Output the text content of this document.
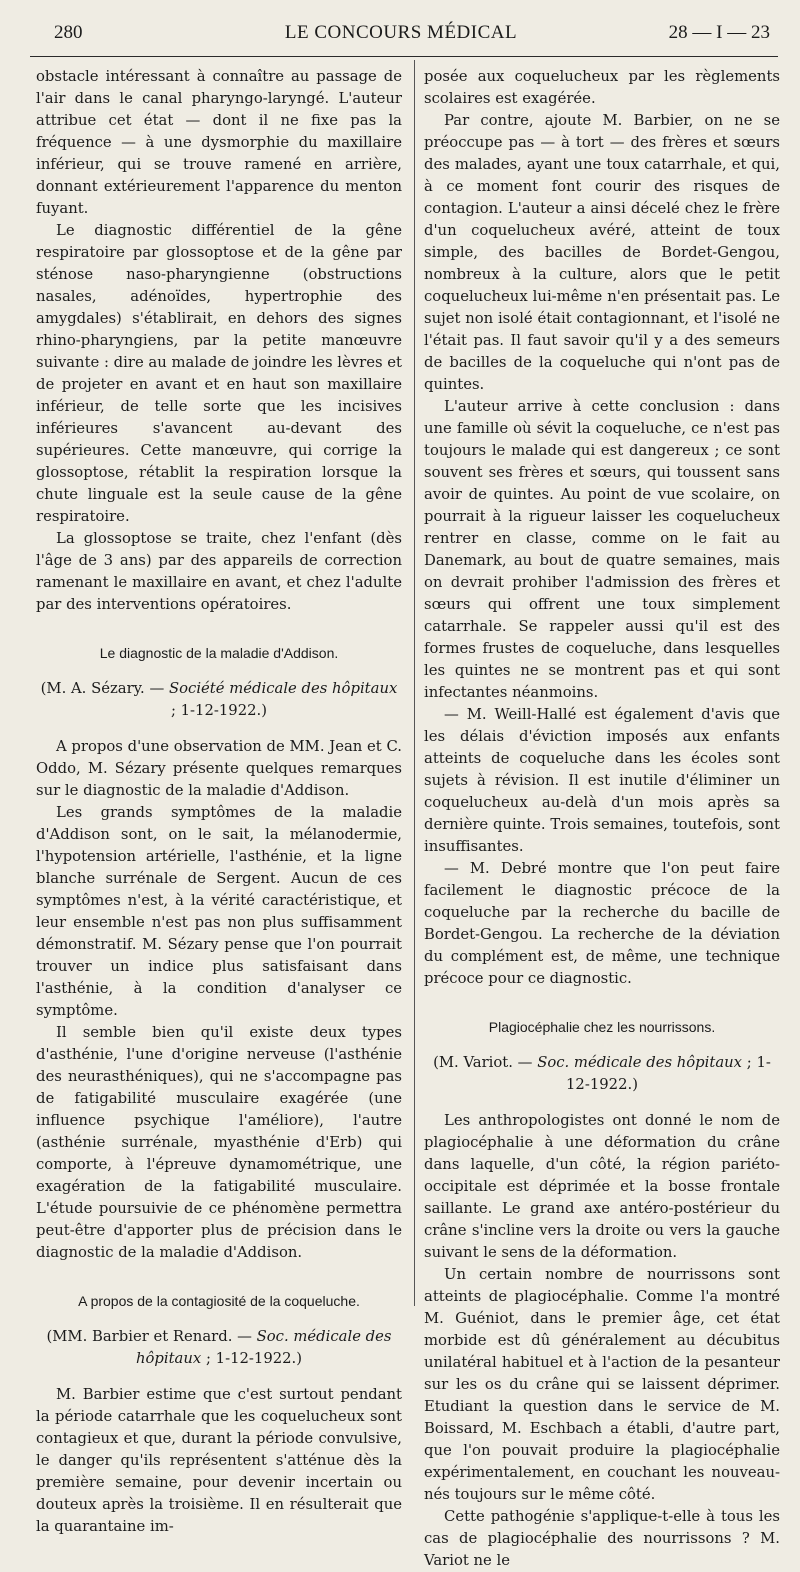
280	LE CONCOURS MÉDICAL	28 — I — 23

obstacle intéressant à connaître au passage de l'air dans le canal pharyngo-laryngé. L'auteur attribue cet état — dont il ne fixe pas la fréquence — à une dysmorphie du maxillaire inférieur, qui se trouve ramené en arrière, donnant extérieurement l'apparence du menton fuyant.

Le diagnostic différentiel de la gêne respiratoire par glossoptose et de la gêne par sténose naso-pharyngienne (obstructions nasales, adénoïdes, hypertrophie des amygdales) s'établirait, en dehors des signes rhino-pharyngiens, par la petite manœuvre suivante : dire au malade de joindre les lèvres et de projeter en avant et en haut son maxillaire inférieur, de telle sorte que les incisives inférieures s'avancent au-devant des supérieures. Cette manœuvre, qui corrige la glossoptose, rétablit la respiration lorsque la chute linguale est la seule cause de la gêne respiratoire.

La glossoptose se traite, chez l'enfant (dès l'âge de 3 ans) par des appareils de correction ramenant le maxillaire en avant, et chez l'adulte par des interventions opératoires.

Le diagnostic de la maladie d'Addison.
(M. A. Sézary. — Société médicale des hôpitaux ; 1-12-1922.)

A propos d'une observation de MM. Jean et C. Oddo, M. Sézary présente quelques remarques sur le diagnostic de la maladie d'Addison.

Les grands symptômes de la maladie d'Addison sont, on le sait, la mélanodermie, l'hypotension artérielle, l'asthénie, et la ligne blanche surrénale de Sergent. Aucun de ces symptômes n'est, à la vérité caractéristique, et leur ensemble n'est pas non plus suffisamment démonstratif. M. Sézary pense que l'on pourrait trouver un indice plus satisfaisant dans l'asthénie, à la condition d'analyser ce symptôme.

Il semble bien qu'il existe deux types d'asthénie, l'une d'origine nerveuse (l'asthénie des neurasthéniques), qui ne s'accompagne pas de fatigabilité musculaire exagérée (une influence psychique l'améliore), l'autre (asthénie surrénale, myasthénie d'Erb) qui comporte, à l'épreuve dynamométrique, une exagération de la fatigabilité musculaire. L'étude poursuivie de ce phénomène permettra peut-être d'apporter plus de précision dans le diagnostic de la maladie d'Addison.

A propos de la contagiosité de la coqueluche.
(MM. Barbier et Renard. — Soc. médicale des hôpitaux ; 1-12-1922.)

M. Barbier estime que c'est surtout pendant la période catarrhale que les coquelucheux sont contagieux et que, durant la période convulsive, le danger qu'ils représentent s'atténue dès la première semaine, pour devenir incertain ou douteux après la troisième. Il en résulterait que la quarantaine im-

posée aux coquelucheux par les règlements scolaires est exagérée.

Par contre, ajoute M. Barbier, on ne se préoccupe pas — à tort — des frères et sœurs des malades, ayant une toux catarrhale, et qui, à ce moment font courir des risques de contagion. L'auteur a ainsi décelé chez le frère d'un coquelucheux avéré, atteint de toux simple, des bacilles de Bordet-Gengou, nombreux à la culture, alors que le petit coquelucheux lui-même n'en présentait pas. Le sujet non isolé était contagionnant, et l'isolé ne l'était pas. Il faut savoir qu'il y a des semeurs de bacilles de la coqueluche qui n'ont pas de quintes.

L'auteur arrive à cette conclusion : dans une famille où sévit la coqueluche, ce n'est pas toujours le malade qui est dangereux ; ce sont souvent ses frères et sœurs, qui toussent sans avoir de quintes. Au point de vue scolaire, on pourrait à la rigueur laisser les coquelucheux rentrer en classe, comme on le fait au Danemark, au bout de quatre semaines, mais on devrait prohiber l'admission des frères et sœurs qui offrent une toux simplement catarrhale. Se rappeler aussi qu'il est des formes frustes de coqueluche, dans lesquelles les quintes ne se montrent pas et qui sont infectantes néanmoins.

— M. Weill-Hallé est également d'avis que les délais d'éviction imposés aux enfants atteints de coqueluche dans les écoles sont sujets à révision. Il est inutile d'éliminer un coquelucheux au-delà d'un mois après sa dernière quinte. Trois semaines, toutefois, sont insuffisantes.

— M. Debré montre que l'on peut faire facilement le diagnostic précoce de la coqueluche par la recherche du bacille de Bordet-Gengou. La recherche de la déviation du complément est, de même, une technique précoce pour ce diagnostic.

Plagiocéphalie chez les nourrissons.
(M. Variot. — Soc. médicale des hôpitaux ; 1-12-1922.)

Les anthropologistes ont donné le nom de plagiocéphalie à une déformation du crâne dans laquelle, d'un côté, la région pariéto-occipitale est déprimée et la bosse frontale saillante. Le grand axe antéro-postérieur du crâne s'incline vers la droite ou vers la gauche suivant le sens de la déformation.

Un certain nombre de nourrissons sont atteints de plagiocéphalie. Comme l'a montré M. Guéniot, dans le premier âge, cet état morbide est dû généralement au décubitus unilatéral habituel et à l'action de la pesanteur sur les os du crâne qui se laissent déprimer. Etudiant la question dans le service de M. Boissard, M. Eschbach a établi, d'autre part, que l'on pouvait produire la plagiocéphalie expérimentalement, en couchant les nouveau-nés toujours sur le même côté.

Cette pathogénie s'applique-t-elle à tous les cas de plagiocéphalie des nourrissons ? M. Variot ne le
